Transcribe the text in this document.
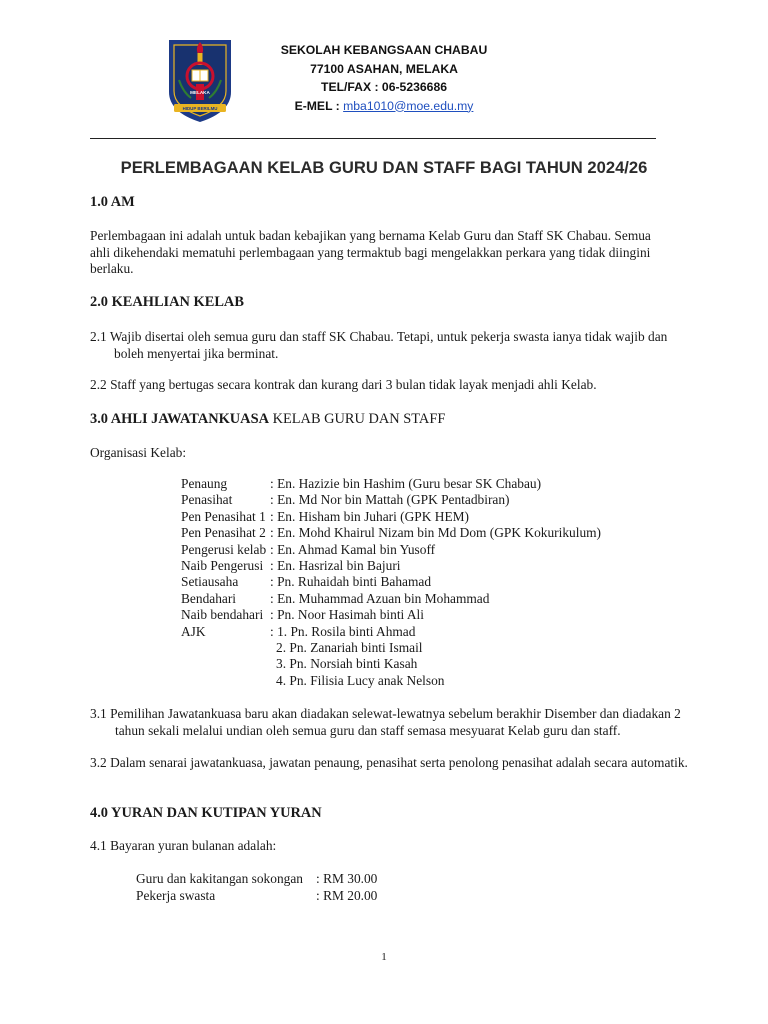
MELAKA
HIDUP BERILMU
SEKOLAH KEBANGSAAN CHABAU
77100 ASAHAN, MELAKA
TEL/FAX : 06-5236686
E-MEL : mba1010@moe.edu.my
PERLEMBAGAAN KELAB GURU DAN STAFF BAGI TAHUN 2024/26
1.0 AM
Perlembagaan ini adalah untuk badan kebajikan yang bernama Kelab Guru dan Staff SK Chabau. Semua ahli dikehendaki mematuhi perlembagaan yang termaktub bagi mengelakkan perkara yang tidak diingini berlaku.
2.0 KEAHLIAN KELAB
2.1 Wajib disertai oleh semua guru dan staff SK Chabau. Tetapi, untuk pekerja swasta ianya tidak wajib dan boleh menyertai jika berminat.
2.2 Staff yang bertugas secara kontrak dan kurang dari 3 bulan tidak layak menjadi ahli Kelab.
3.0 AHLI JAWATANKUASA KELAB GURU DAN STAFF
Organisasi Kelab:
Penaung	: En. Hazizie bin Hashim (Guru besar SK Chabau)
Penasihat	: En. Md Nor bin Mattah (GPK Pentadbiran)
Pen Penasihat 1 : En. Hisham bin Juhari (GPK HEM)
Pen Penasihat 2 : En. Mohd Khairul Nizam bin Md Dom (GPK Kokurikulum)
Pengerusi kelab : En. Ahmad Kamal bin Yusoff
Naib Pengerusi : En. Hasrizal bin Bajuri
Setiausaha	: Pn. Ruhaidah binti Bahamad
Bendahari	: En. Muhammad Azuan bin Mohammad
Naib bendahari : Pn. Noor Hasimah binti Ali
AJK	: 1. Pn. Rosila binti Ahmad
2. Pn. Zanariah binti Ismail
3. Pn. Norsiah binti Kasah
4. Pn. Filisia Lucy anak Nelson
3.1 Pemilihan Jawatankuasa baru akan diadakan selewat-lewatnya sebelum berakhir Disember dan diadakan 2 tahun sekali melalui undian oleh semua guru dan staff semasa mesyuarat Kelab guru dan staff.
3.2 Dalam senarai jawatankuasa, jawatan penaung, penasihat serta penolong penasihat adalah secara automatik.
4.0 YURAN DAN KUTIPAN YURAN
4.1 Bayaran yuran bulanan adalah:
Guru dan kakitangan sokongan : RM 30.00
Pekerja swasta	: RM 20.00
1
